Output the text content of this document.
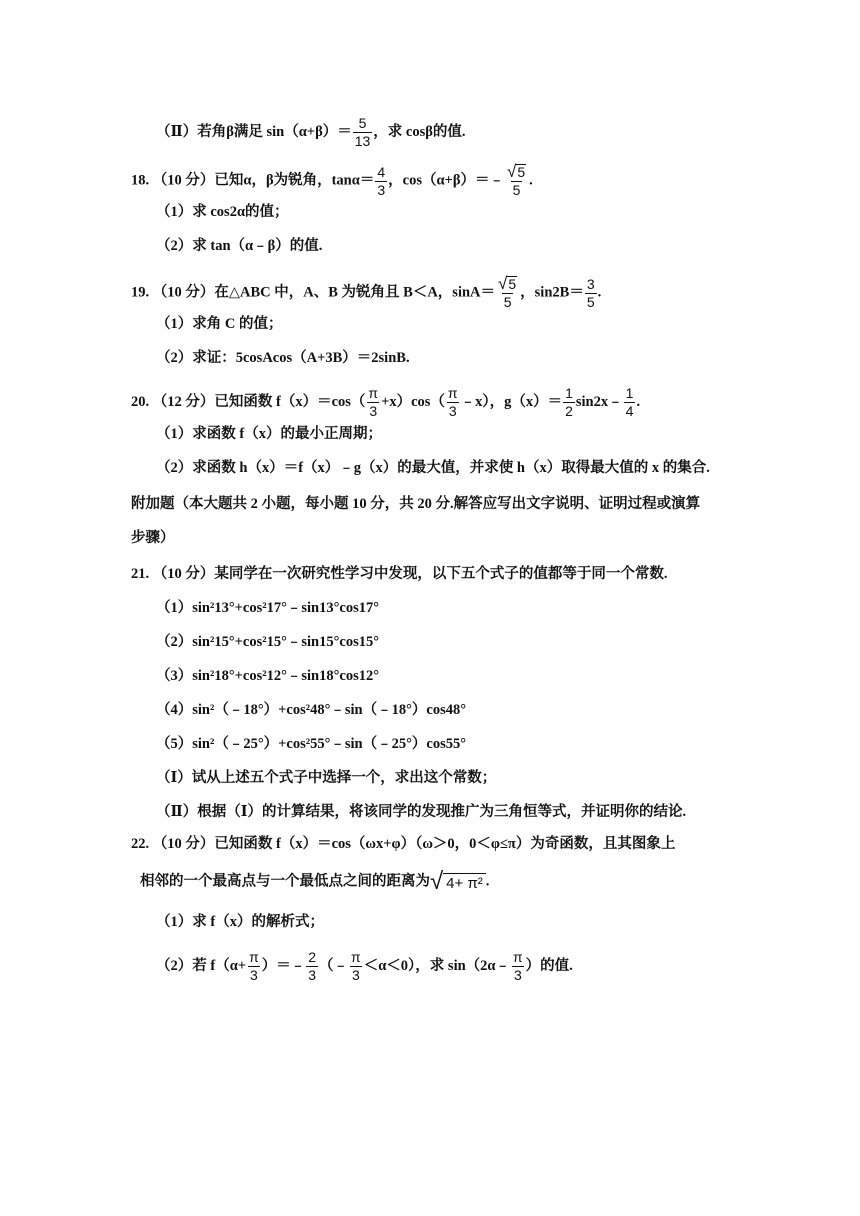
（Ⅱ）若角β满足 $\sin(\alpha+\beta)= \frac{5}{13}$ ，求 cosβ的值.
18. （10 分）已知α，β为锐角，$\tan\alpha= \frac{4}{3}$ ，cos（α+β）＝﹣ $\frac{√ 5}{5}$ .
（1）求 cos2α的值；
（2）求 tan（α﹣β）的值.
19. （10 分）在△ABC 中，A、B 为锐角且 B＜A，$\sin A= \frac{√ 5}{5}$ ，$\sin 2B= \frac{3}{5}$ .
（1）求角 C 的值；
（2）求证：5cosAcos（A+3B）＝2sinB.
20. （12 分）已知函数 $f(x)=\cos( \frac{\pi}{3} +x)\cos( \frac{\pi}{3}$ ﹣x），$g(x)= \frac{1}{2}$ sin2x﹣ $\frac{1}{4}$ .
（1）求函数 f（x）的最小正周期；
（2）求函数 h（x）＝f（x）﹣g（x）的最大值，并求使 h（x）取得最大值的 x 的集合.
附加题（本大题共 2 小题，每小题 10 分，共 20 分.解答应写出文字说明、证明过程或演算
步骤）
21. （10 分）某同学在一次研究性学习中发现，以下五个式子的值都等于同一个常数.
（1）sin²13°+cos²17°﹣sin13°cos17°
（2）sin²15°+cos²15°﹣sin15°cos15°
（3）sin²18°+cos²12°﹣sin18°cos12°
（4）sin²（﹣18°）+cos²48°﹣sin（﹣18°）cos48°
（5）sin²（﹣25°）+cos²55°﹣sin（﹣25°）cos55°
（Ⅰ）试从上述五个式子中选择一个，求出这个常数；
（Ⅱ）根据（Ⅰ）的计算结果，将该同学的发现推广为三角恒等式，并证明你的结论.
22. （10 分）已知函数 f（x）＝cos（ωx+φ）（ω＞0，0＜φ≤π）为奇函数，且其图象上
相邻的一个最高点与一个最低点之间的距离为 √ 4+ π² .
（1）求 f（x）的解析式；
（2）若 $f(\alpha+ \frac{\pi}{3}$ ）＝﹣ $\frac{2}{3}$ （﹣ $\frac{\pi}{3} <\alpha<0$），求 sin（2α﹣ $\frac{\pi}{3}$ ）的值.
